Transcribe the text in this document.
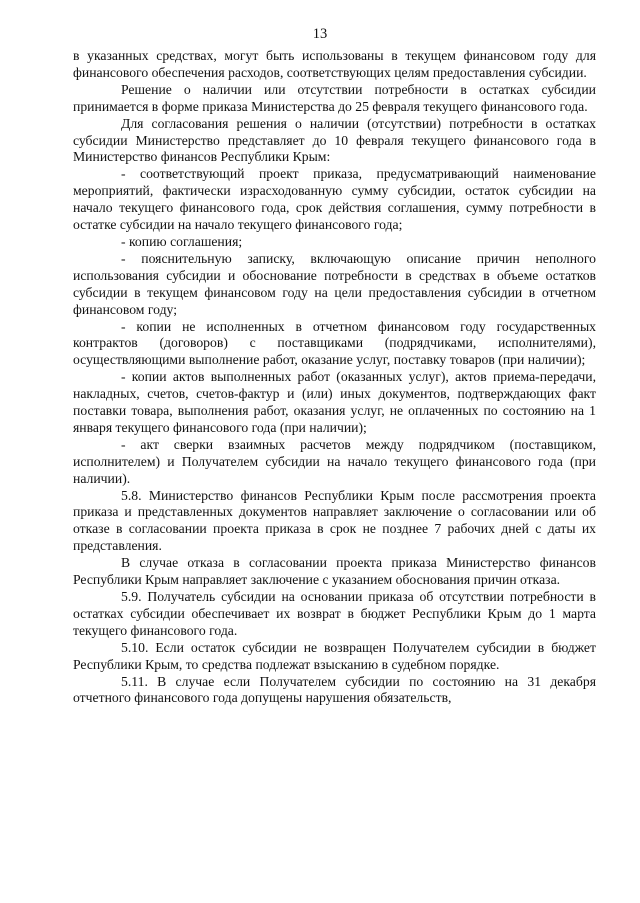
13

в указанных средствах, могут быть использованы в текущем финансовом году для финансового обеспечения расходов, соответствующих целям предоставления субсидии.

Решение о наличии или отсутствии потребности в остатках субсидии принимается в форме приказа Министерства до 25 февраля текущего финансового года.

Для согласования решения о наличии (отсутствии) потребности в остатках субсидии Министерство представляет до 10 февраля текущего финансового года в Министерство финансов Республики Крым:

- соответствующий проект приказа, предусматривающий наименование мероприятий, фактически израсходованную сумму субсидии, остаток субсидии на начало текущего финансового года, срок действия соглашения, сумму потребности в остатке субсидии на начало текущего финансового года;

- копию соглашения;

- пояснительную записку, включающую описание причин неполного использования субсидии и обоснование потребности в средствах в объеме остатков субсидии в текущем финансовом году на цели предоставления субсидии в отчетном финансовом году;

- копии не исполненных в отчетном финансовом году государственных контрактов (договоров) с поставщиками (подрядчиками, исполнителями), осуществляющими выполнение работ, оказание услуг, поставку товаров (при наличии);

- копии актов выполненных работ (оказанных услуг), актов приема-передачи, накладных, счетов, счетов-фактур и (или) иных документов, подтверждающих факт поставки товара, выполнения работ, оказания услуг, не оплаченных по состоянию на 1 января текущего финансового года (при наличии);

- акт сверки взаимных расчетов между подрядчиком (поставщиком, исполнителем) и Получателем субсидии на начало текущего финансового года (при наличии).

5.8. Министерство финансов Республики Крым после рассмотрения проекта приказа и представленных документов направляет заключение о согласовании или об отказе в согласовании проекта приказа в срок не позднее 7 рабочих дней с даты их представления.

В случае отказа в согласовании проекта приказа Министерство финансов Республики Крым направляет заключение с указанием обоснования причин отказа.

5.9. Получатель субсидии на основании приказа об отсутствии потребности в остатках субсидии обеспечивает их возврат в бюджет Республики Крым до 1 марта текущего финансового года.

5.10. Если остаток субсидии не возвращен Получателем субсидии в бюджет Республики Крым, то средства подлежат взысканию в судебном порядке.

5.11. В случае если Получателем субсидии по состоянию на 31 декабря отчетного финансового года допущены нарушения обязательств,
